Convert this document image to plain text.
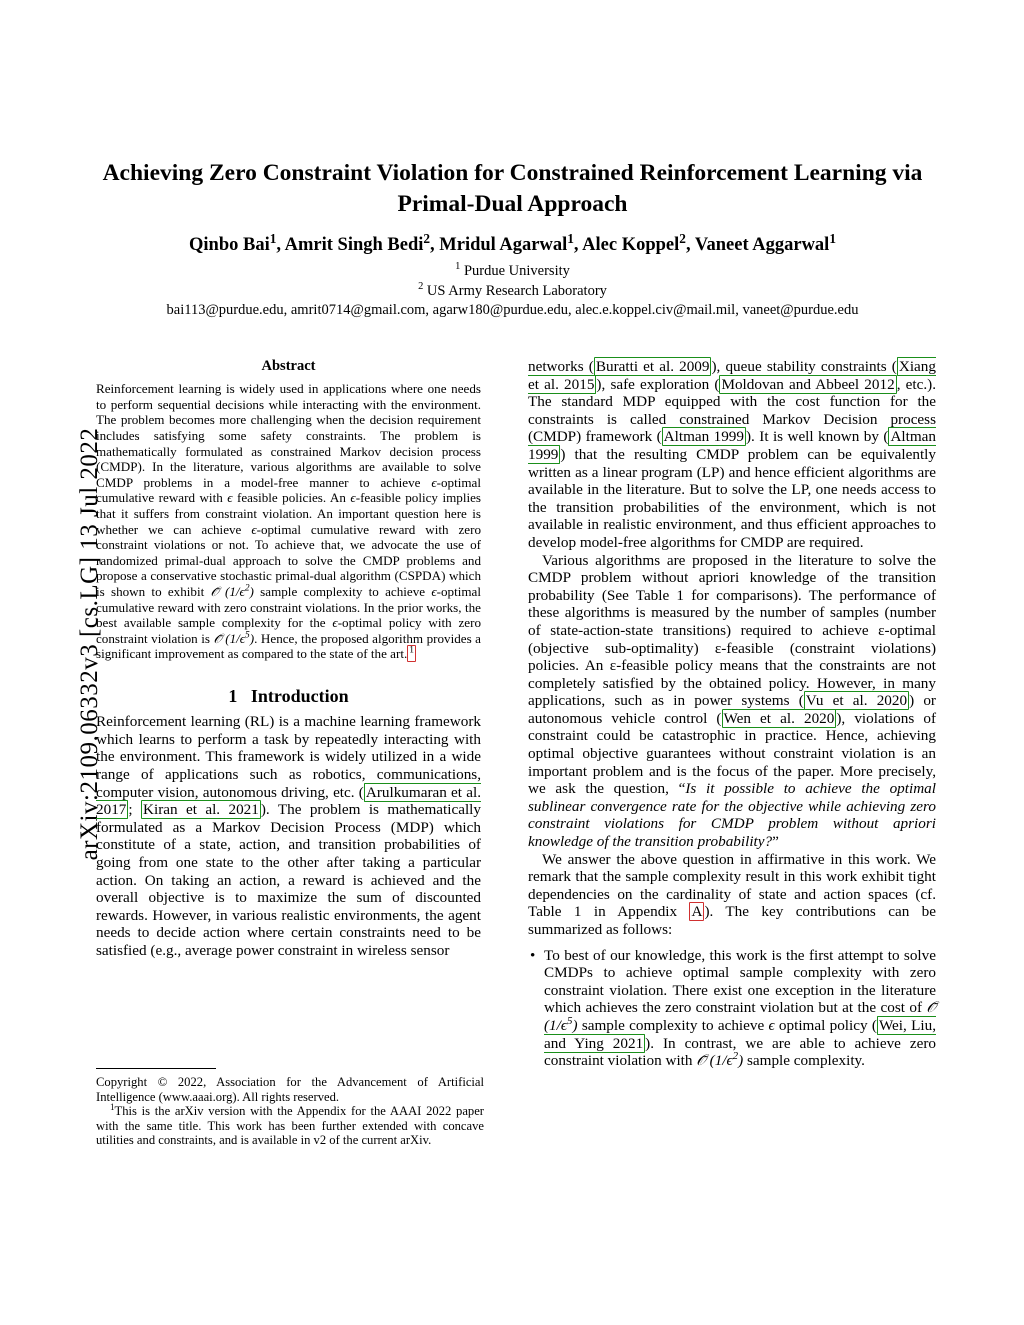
arXiv:2109.06332v3 [cs.LG] 13 Jul 2022
Achieving Zero Constraint Violation for Constrained Reinforcement Learning via Primal-Dual Approach
Qinbo Bai$^1$, Amrit Singh Bedi$^2$, Mridul Agarwal$^1$, Alec Koppel$^2$, Vaneet Aggarwal$^1$
$^1$ Purdue University
$^2$ US Army Research Laboratory
bai113@purdue.edu, amrit0714@gmail.com, agarw180@purdue.edu, alec.e.koppel.civ@mail.mil, vaneet@purdue.edu
Abstract
Reinforcement learning is widely used in applications where one needs to perform sequential decisions while interacting with the environment. The problem becomes more challenging when the decision requirement includes satisfying some safety constraints. The problem is mathematically formulated as constrained Markov decision process (CMDP). In the literature, various algorithms are available to solve CMDP problems in a model-free manner to achieve ϵ-optimal cumulative reward with ϵ feasible policies. An ϵ-feasible policy implies that it suffers from constraint violation. An important question here is whether we can achieve ϵ-optimal cumulative reward with zero constraint violations or not. To achieve that, we advocate the use of randomized primal-dual approach to solve the CMDP problems and propose a conservative stochastic primal-dual algorithm (CSPDA) which is shown to exhibit 𝒪̃ $(1/\epsilon^2)$ sample complexity to achieve ϵ-optimal cumulative reward with zero constraint violations. In the prior works, the best available sample complexity for the ϵ-optimal policy with zero constraint violation is 𝒪̃ $(1/\epsilon^5)$. Hence, the proposed algorithm provides a significant improvement as compared to the state of the art. $^1$
1 Introduction

Reinforcement learning (RL) is a machine learning framework which learns to perform a task by repeatedly interacting with the environment. This framework is widely utilized in a wide range of applications such as robotics, communications, computer vision, autonomous driving, etc. ( Arulkumaran et al. 2017 ; Kiran et al. 2021 ). The problem is mathematically formulated as a Markov Decision Process (MDP) which constitute of a state, action, and transition probabilities of going from one state to the other after taking a particular action. On taking an action, a reward is achieved and the overall objective is to maximize the sum of discounted rewards. However, in various realistic environments, the agent needs to decide action where certain constraints need to be satisfied (e.g., average power constraint in wireless sensor

networks ( Buratti et al. 2009 ), queue stability constraints ( Xiang et al. 2015 ), safe exploration ( Moldovan and Abbeel 2012 , etc.). The standard MDP equipped with the cost function for the constraints is called constrained Markov Decision process (CMDP) framework ( Altman 1999 ). It is well known by ( Altman 1999 ) that the resulting CMDP problem can be equivalently written as a linear program (LP) and hence efficient algorithms are available in the literature. But to solve the LP, one needs access to the transition probabilities of the environment, which is not available in realistic environment, and thus efficient approaches to develop model-free algorithms for CMDP are required.

Various algorithms are proposed in the literature to solve the CMDP problem without apriori knowledge of the transition probability (See Table 1 for comparisons). The performance of these algorithms is measured by the number of samples (number of state-action-state transitions) required to achieve ε-optimal (objective sub-optimality) ε-feasible (constraint violations) policies. An ε-feasible policy means that the constraints are not completely satisfied by the obtained policy. However, in many applications, such as in power systems ( Vu et al. 2020 ) or autonomous vehicle control ( Wen et al. 2020 ), violations of constraint could be catastrophic in practice. Hence, achieving optimal objective guarantees without constraint violation is an important problem and is the focus of the paper. More precisely, we ask the question, “Is it possible to achieve the optimal sublinear convergence rate for the objective while achieving zero constraint violations for CMDP problem without apriori knowledge of the transition probability?”

We answer the above question in affirmative in this work. We remark that the sample complexity result in this work exhibit tight dependencies on the cardinality of state and action spaces (cf. Table 1 in Appendix A ). The key contributions can be summarized as follows:

• To best of our knowledge, this work is the first attempt to solve CMDPs to achieve optimal sample complexity with zero constraint violation. There exist one exception in the literature which achieves the zero constraint violation but at the cost of 𝒪̃ $(1/\epsilon^5)$ sample complexity to achieve ϵ optimal policy ( Wei, Liu, and Ying 2021 ). In contrast, we are able to achieve zero constraint violation with 𝒪̃ $(1/\epsilon^2)$ sample complexity.

Copyright © 2022, Association for the Advancement of Artificial Intelligence (www.aaai.org). All rights reserved.

$^1$This is the arXiv version with the Appendix for the AAAI 2022 paper with the same title. This work has been further extended with concave utilities and constraints, and is available in v2 of the current arXiv.
